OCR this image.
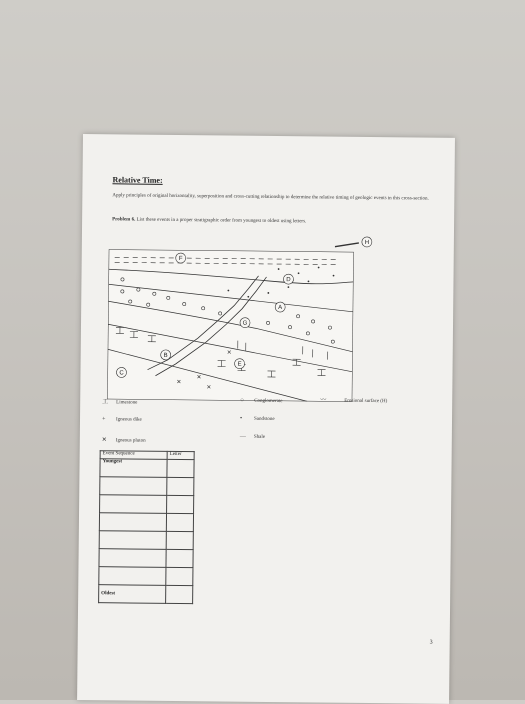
Relative Time:
Apply principles of original horizontality, superposition and cross-cutting relationship to determine the relative timing of geologic events in this cross-section.
Problem 6. List these events in a proper stratigraphic order from youngest to oldest using letters.
F
D
A
G
B
C
E
H
工 Limestone
+ Igneous dike
✕ Igneous pluton
○ Conglomerate
• Sandstone
— Shale
〰	Erosional surface (H)
Event Sequence	Letter
Youngest	

Oldest	
3
